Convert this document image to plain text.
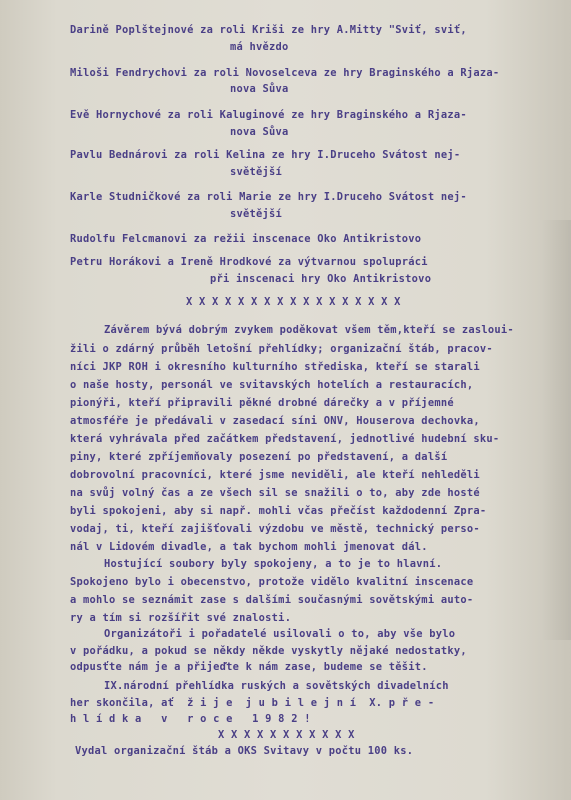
Darině Poplštejnové za roli Kriši ze hry A.Mitty "Sviť, sviť,
má hvězdo
Miloši Fendrychovi za roli Novoselceva ze hry Braginského a Rjaza-
nova Sůva
Evě Hornychové za roli Kaluginové ze hry Braginského a Rjaza-
nova Sůva
Pavlu Bednárovi za roli Kelina ze hry I.Druceho Svátost nej-
světější
Karle Studničkové za roli Marie ze hry I.Druceho Svátost nej-
světější
Rudolfu Felcmanovi za režii inscenace Oko Antikristovo
Petru Horákovi a Ireně Hrodkové za výtvarnou spolupráci
při inscenaci hry Oko Antikristovo
X X X X X X X X X X X X X X X X X
Závěrem bývá dobrým zvykem poděkovat všem těm,kteří se zasloui-
žili o zdárný průběh letošní přehlídky; organizační štáb, pracov-
níci JKP ROH i okresního kulturního střediska, kteří se starali
o naše hosty, personál ve svitavských hotelích a restauracích,
pionýři, kteří připravili pěkné drobné dárečky a v příjemné
atmosféře je předávali v zasedací síni ONV, Houserova dechovka,
která vyhrávala před začátkem představení, jednotlivé hudební sku-
piny, které zpříjemňovaly posezení po představení, a další
dobrovolní pracovníci, které jsme neviděli, ale kteří nehleděli
na svůj volný čas a ze všech sil se snažili o to, aby zde hosté
byli spokojeni, aby si např. mohli včas přečíst každodenní Zpra-
vodaj, ti, kteří zajišťovali výzdobu ve městě, technický perso-
nál v Lidovém divadle, a tak bychom mohli jmenovat dál.
Hostující soubory byly spokojeny, a to je to hlavní.
Spokojeno bylo i obecenstvo, protože vidělo kvalitní inscenace
a mohlo se seznámit zase s dalšími současnými sovětskými auto-
ry a tím si rozšířit své znalosti.
Organizátoři i pořadatelé usilovali o to, aby vše bylo
v pořádku, a pokud se někdy někde vyskytly nějaké nedostatky,
odpusťte nám je a přijeďte k nám zase, budeme se těšit.
IX.národní přehlídka ruských a sovětských divadelních
her skončila, ať  ž i j e  j u b i l e j n í  X. p ř e -
h l í d k a   v   r o c e   1 9 8 2 !
X X X X X X X X X X X
Vydal organizační štáb a OKS Svitavy v počtu 100 ks.
